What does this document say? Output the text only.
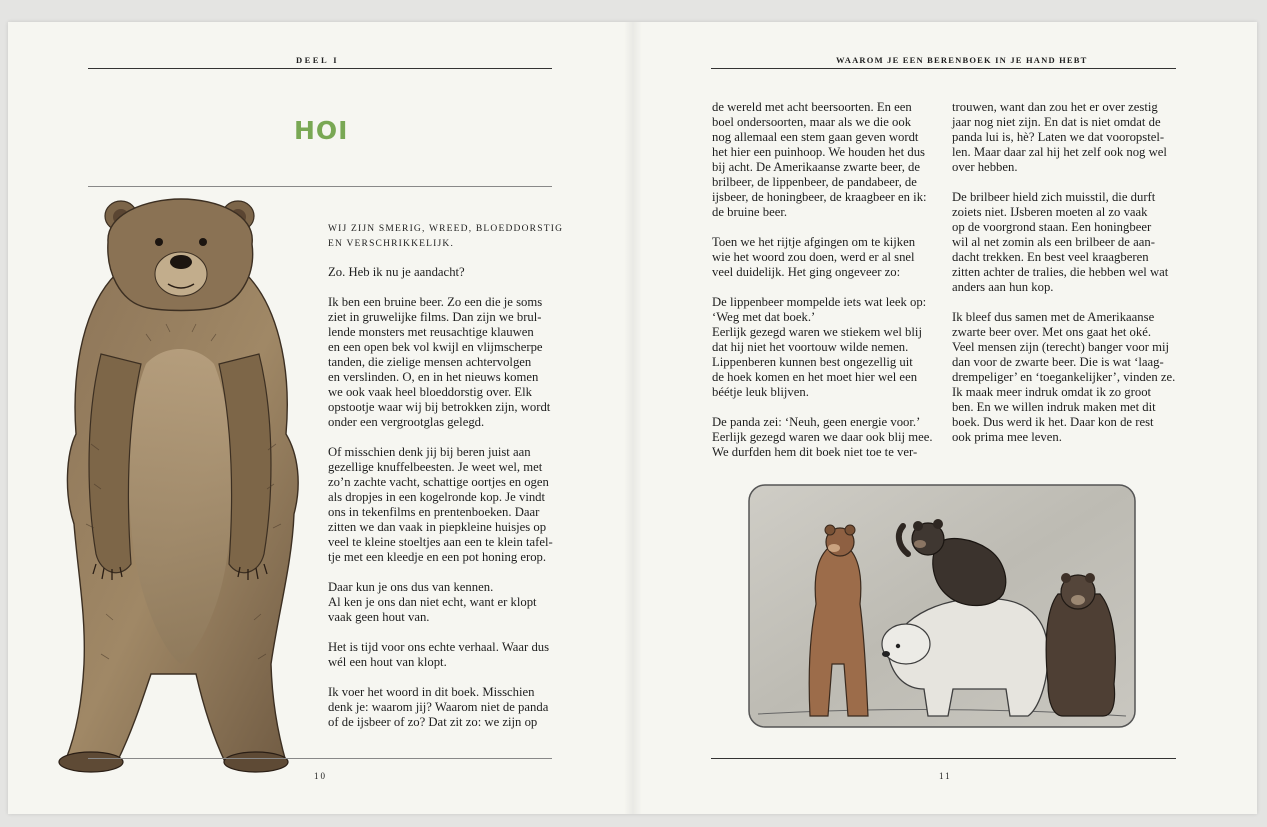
DEEL I
HOI
WIJ ZIJN SMERIG, WREED, BLOEDDORSTIG
EN VERSCHRIKKELIJK.
Zo. Heb ik nu je aandacht?
Ik ben een bruine beer. Zo een die je soms
ziet in gruwelijke films. Dan zijn we brul-
lende monsters met reusachtige klauwen
en een open bek vol kwijl en vlijmscherpe
tanden, die zielige mensen achtervolgen
en verslinden. O, en in het nieuws komen
we ook vaak heel bloeddorstig over. Elk
opstootje waar wij bij betrokken zijn, wordt
onder een vergrootglas gelegd.
Of misschien denk jij bij beren juist aan
gezellige knuffelbeesten. Je weet wel, met
zo’n zachte vacht, schattige oortjes en ogen
als dropjes in een kogelronde kop. Je vindt
ons in tekenfilms en prentenboeken. Daar
zitten we dan vaak in piepkleine huisjes op
veel te kleine stoeltjes aan een te klein tafel-
tje met een kleedje en een pot honing erop.
Daar kun je ons dus van kennen.
Al ken je ons dan niet echt, want er klopt
vaak geen hout van.
Het is tijd voor ons echte verhaal. Waar dus
wél een hout van klopt.
Ik voer het woord in dit boek. Misschien
denk je: waarom jij? Waarom niet de panda
of de ijsbeer of zo? Dat zit zo: we zijn op
10
WAAROM JE EEN BERENBOEK IN JE HAND HEBT
de wereld met acht beersoorten. En een
boel ondersoorten, maar als we die ook
nog allemaal een stem gaan geven wordt
het hier een puinhoop. We houden het dus
bij acht. De Amerikaanse zwarte beer, de
brilbeer, de lippenbeer, de pandabeer, de
ijsbeer, de honingbeer, de kraagbeer en ik:
de bruine beer.
Toen we het rijtje afgingen om te kijken
wie het woord zou doen, werd er al snel
veel duidelijk. Het ging ongeveer zo:
De lippenbeer mompelde iets wat leek op:
‘Weg met dat boek.’
Eerlijk gezegd waren we stiekem wel blij
dat hij niet het voortouw wilde nemen.
Lippenberen kunnen best ongezellig uit
de hoek komen en het moet hier wel een
béétje leuk blijven.
De panda zei: ‘Neuh, geen energie voor.’
Eerlijk gezegd waren we daar ook blij mee.
We durfden hem dit boek niet toe te ver-
trouwen, want dan zou het er over zestig
jaar nog niet zijn. En dat is niet omdat de
panda lui is, hè? Laten we dat vooropstel-
len. Maar daar zal hij het zelf ook nog wel
over hebben.
De brilbeer hield zich muisstil, die durft
zoiets niet. IJsberen moeten al zo vaak
op de voorgrond staan. Een honingbeer
wil al net zomin als een brilbeer de aan-
dacht trekken. En best veel kraagberen
zitten achter de tralies, die hebben wel wat
anders aan hun kop.
Ik bleef dus samen met de Amerikaanse
zwarte beer over. Met ons gaat het oké.
Veel mensen zijn (terecht) banger voor mij
dan voor de zwarte beer. Die is wat ‘laag-
drempeliger’ en ‘toegankelijker’, vinden ze.
Ik maak meer indruk omdat ik zo groot
ben. En we willen indruk maken met dit
boek. Dus werd ik het. Daar kon de rest
ook prima mee leven.
11
